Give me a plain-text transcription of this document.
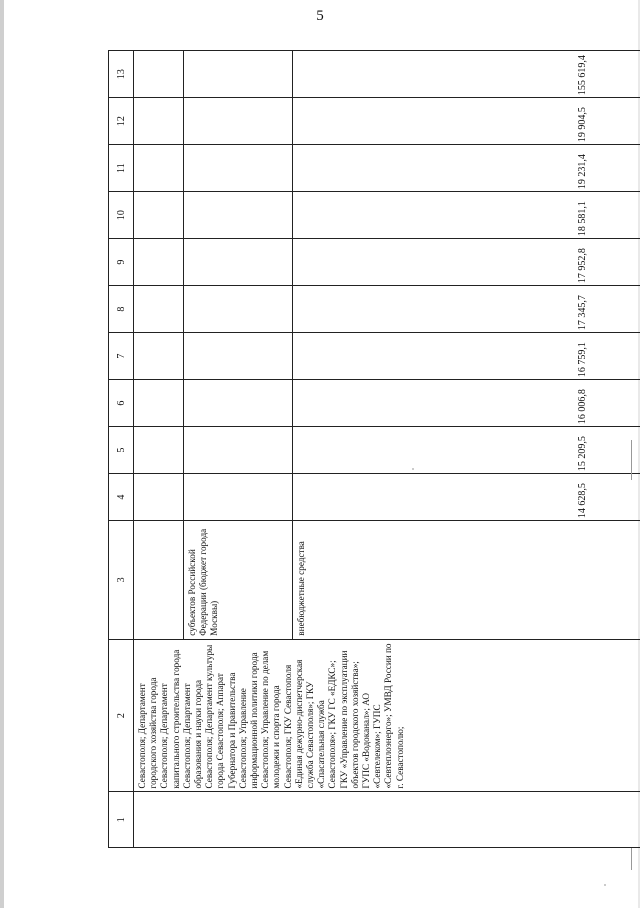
5
1	2	3	4	5	6	7	8	9	10	11	12	13
	Севастополя; Департамент городского хозяйства города Севастополя; Департамент капитального строительства города Севастополя; Департамент образования и науки города Севастополя; Департамент культуры города Севастополя; Аппарат Губернатора и Правительства Севастополя; Управление информационной политики города Севастополя; Управление по делам молодежи и спорта города Севастополя; ГКУ Севастополя «Единая дежурно-диспетчерская служба Севастополя»; ГКУ «Спасательная служба Севастополя»; ГКУ ГС «ЕДКС»; ГКУ «Управление по эксплуатации объектов городского хозяйства»; ГУПС «Водоканал»; АО «Севтелеком»; ГУПС «Севтеплоэнерго»; УМВД России по г. Севастополю;											
		субъектов Российской Федерации (бюджет города Москвы)										
		внебюджетные средства	14 628,5	15 209,5	16 006,8	16 759,1	17 345,7	17 952,8	18 581,1	19 231,4	19 904,5	155 619,4
